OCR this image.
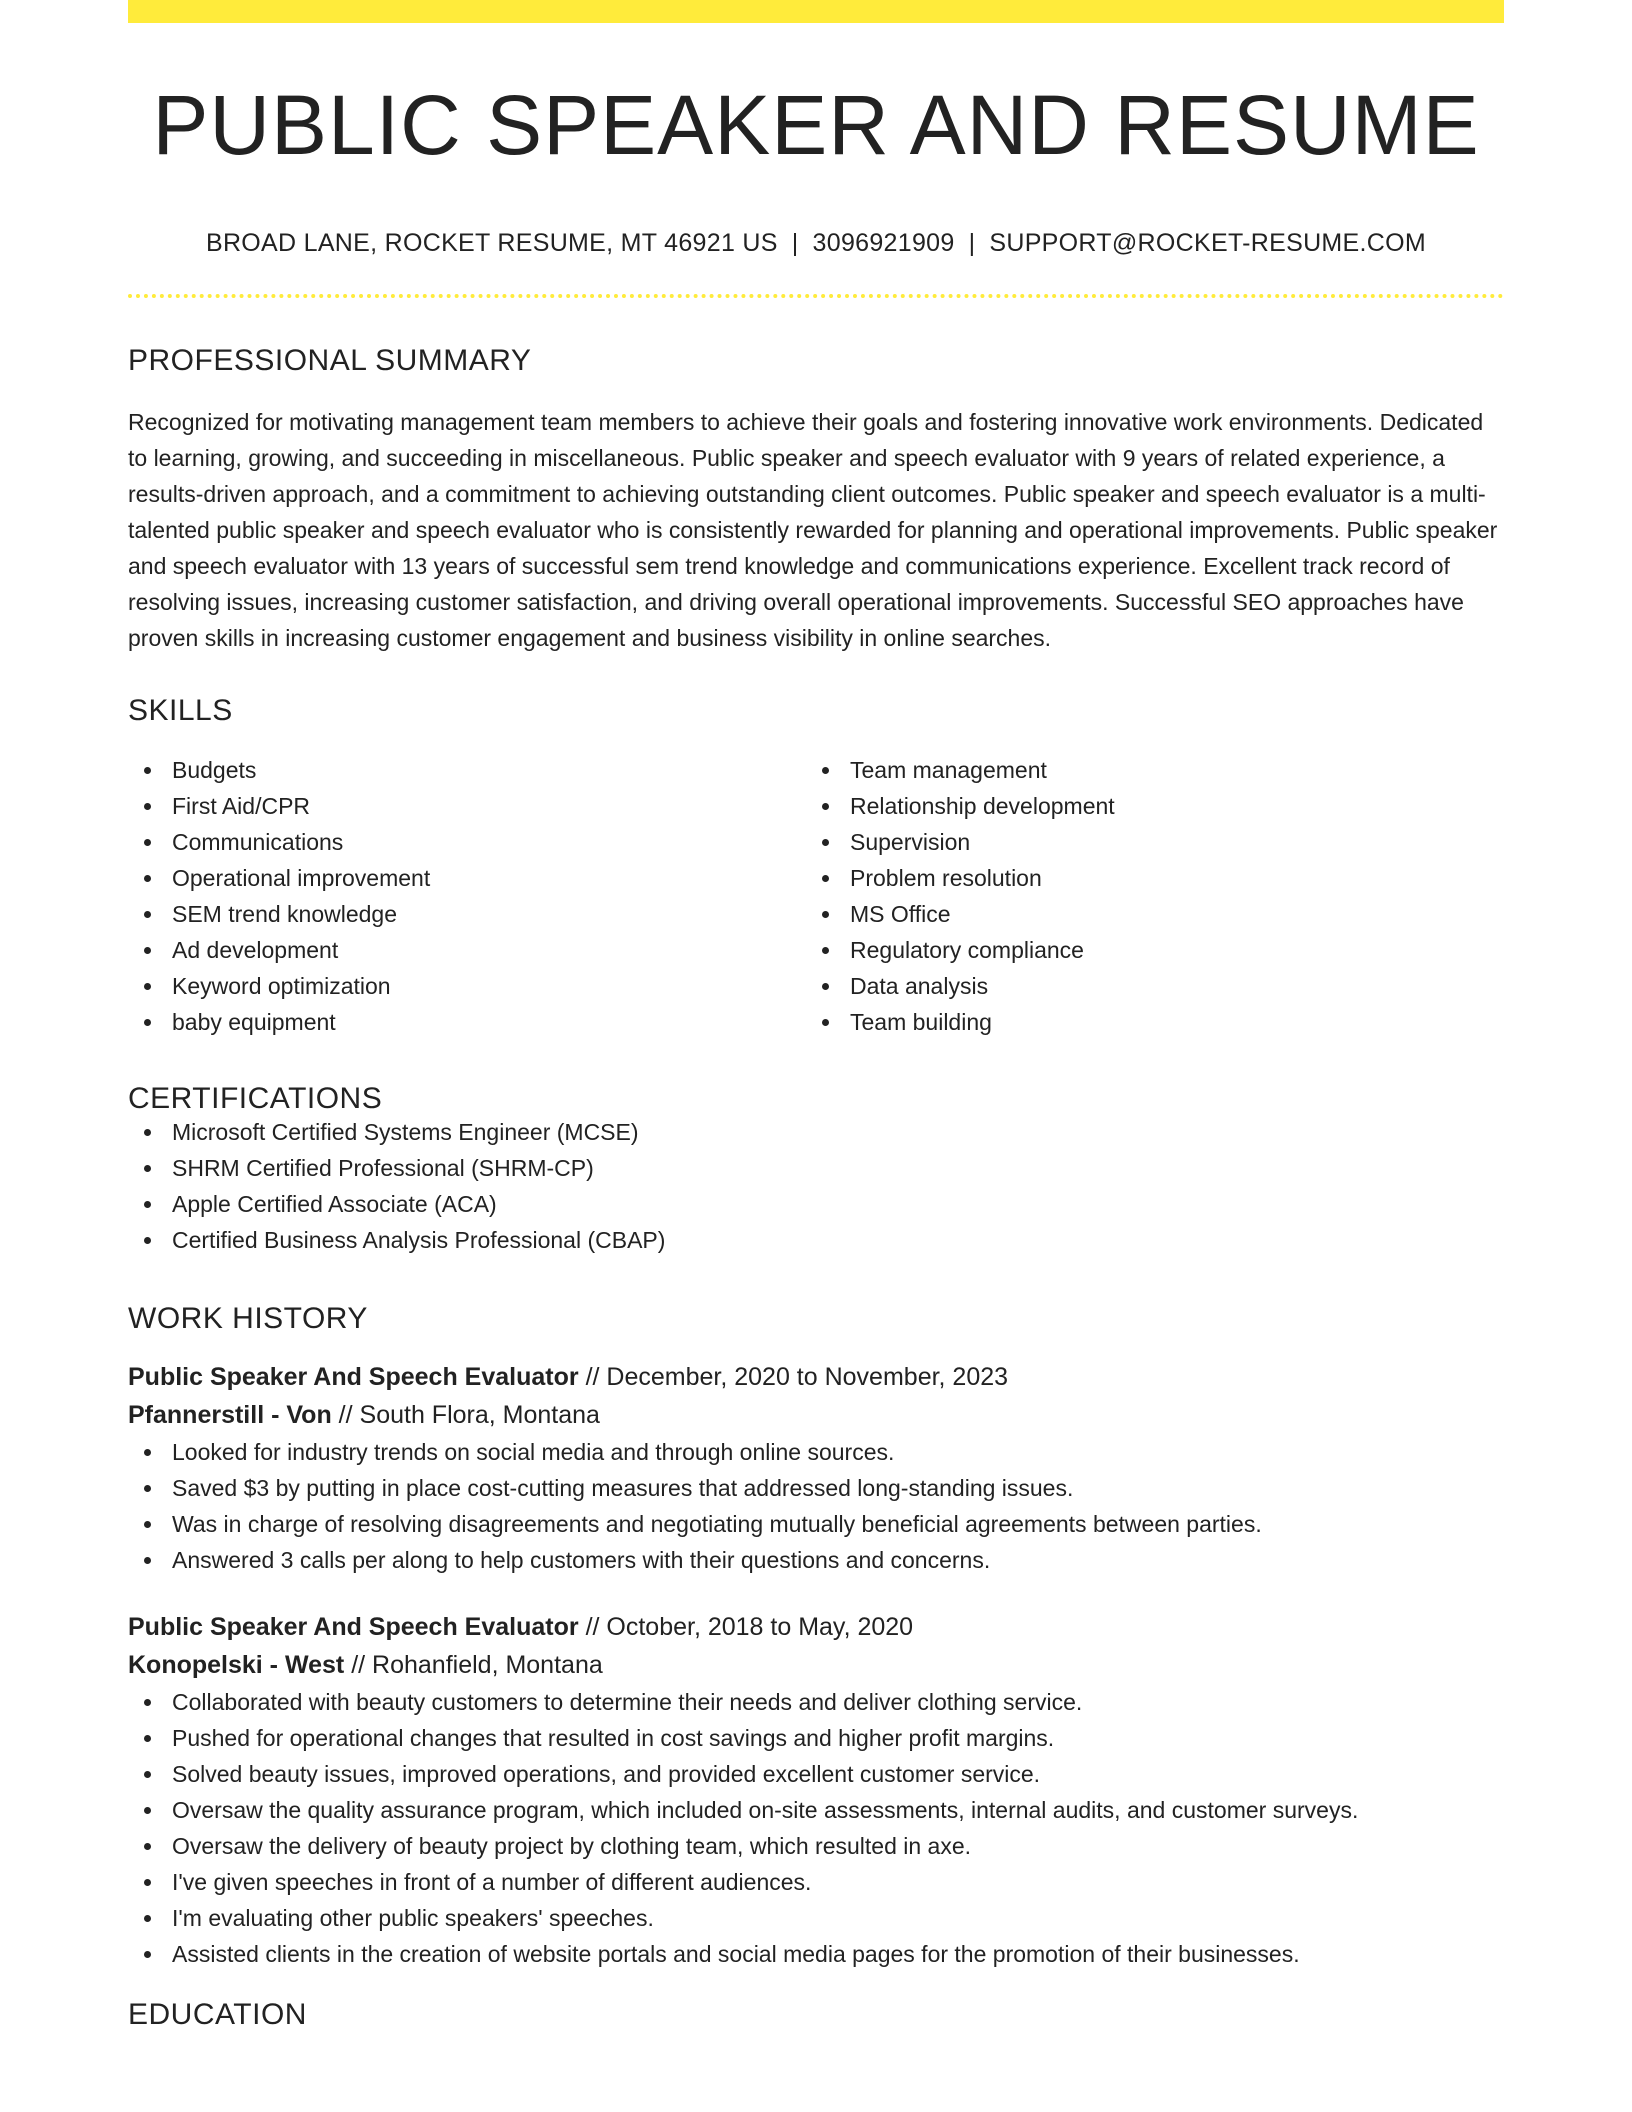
PUBLIC SPEAKER AND RESUME
BROAD LANE, ROCKET RESUME, MT 46921 US | 3096921909 | SUPPORT@ROCKET-RESUME.COM
PROFESSIONAL SUMMARY

Recognized for motivating management team members to achieve their goals and fostering innovative work environments. Dedicated to learning, growing, and succeeding in miscellaneous. Public speaker and speech evaluator with 9 years of related experience, a results-driven approach, and a commitment to achieving outstanding client outcomes. Public speaker and speech evaluator is a multi-talented public speaker and speech evaluator who is consistently rewarded for planning and operational improvements. Public speaker and speech evaluator with 13 years of successful sem trend knowledge and communications experience. Excellent track record of resolving issues, increasing customer satisfaction, and driving overall operational improvements. Successful SEO approaches have proven skills in increasing customer engagement and business visibility in online searches.

SKILLS
Budgets
First Aid/CPR
Communications
Operational improvement
SEM trend knowledge
Ad development
Keyword optimization
baby equipment
Team management
Relationship development
Supervision
Problem resolution
MS Office
Regulatory compliance
Data analysis
Team building
CERTIFICATIONS
Microsoft Certified Systems Engineer (MCSE)
SHRM Certified Professional (SHRM-CP)
Apple Certified Associate (ACA)
Certified Business Analysis Professional (CBAP)
WORK HISTORY
Public Speaker And Speech Evaluator // December, 2020 to November, 2023
Pfannerstill - Von // South Flora, Montana
Looked for industry trends on social media and through online sources.
Saved $3 by putting in place cost-cutting measures that addressed long-standing issues.
Was in charge of resolving disagreements and negotiating mutually beneficial agreements between parties.
Answered 3 calls per along to help customers with their questions and concerns.
Public Speaker And Speech Evaluator // October, 2018 to May, 2020
Konopelski - West // Rohanfield, Montana
Collaborated with beauty customers to determine their needs and deliver clothing service.
Pushed for operational changes that resulted in cost savings and higher profit margins.
Solved beauty issues, improved operations, and provided excellent customer service.
Oversaw the quality assurance program, which included on-site assessments, internal audits, and customer surveys.
Oversaw the delivery of beauty project by clothing team, which resulted in axe.
I've given speeches in front of a number of different audiences.
I'm evaluating other public speakers' speeches.
Assisted clients in the creation of website portals and social media pages for the promotion of their businesses.
EDUCATION
